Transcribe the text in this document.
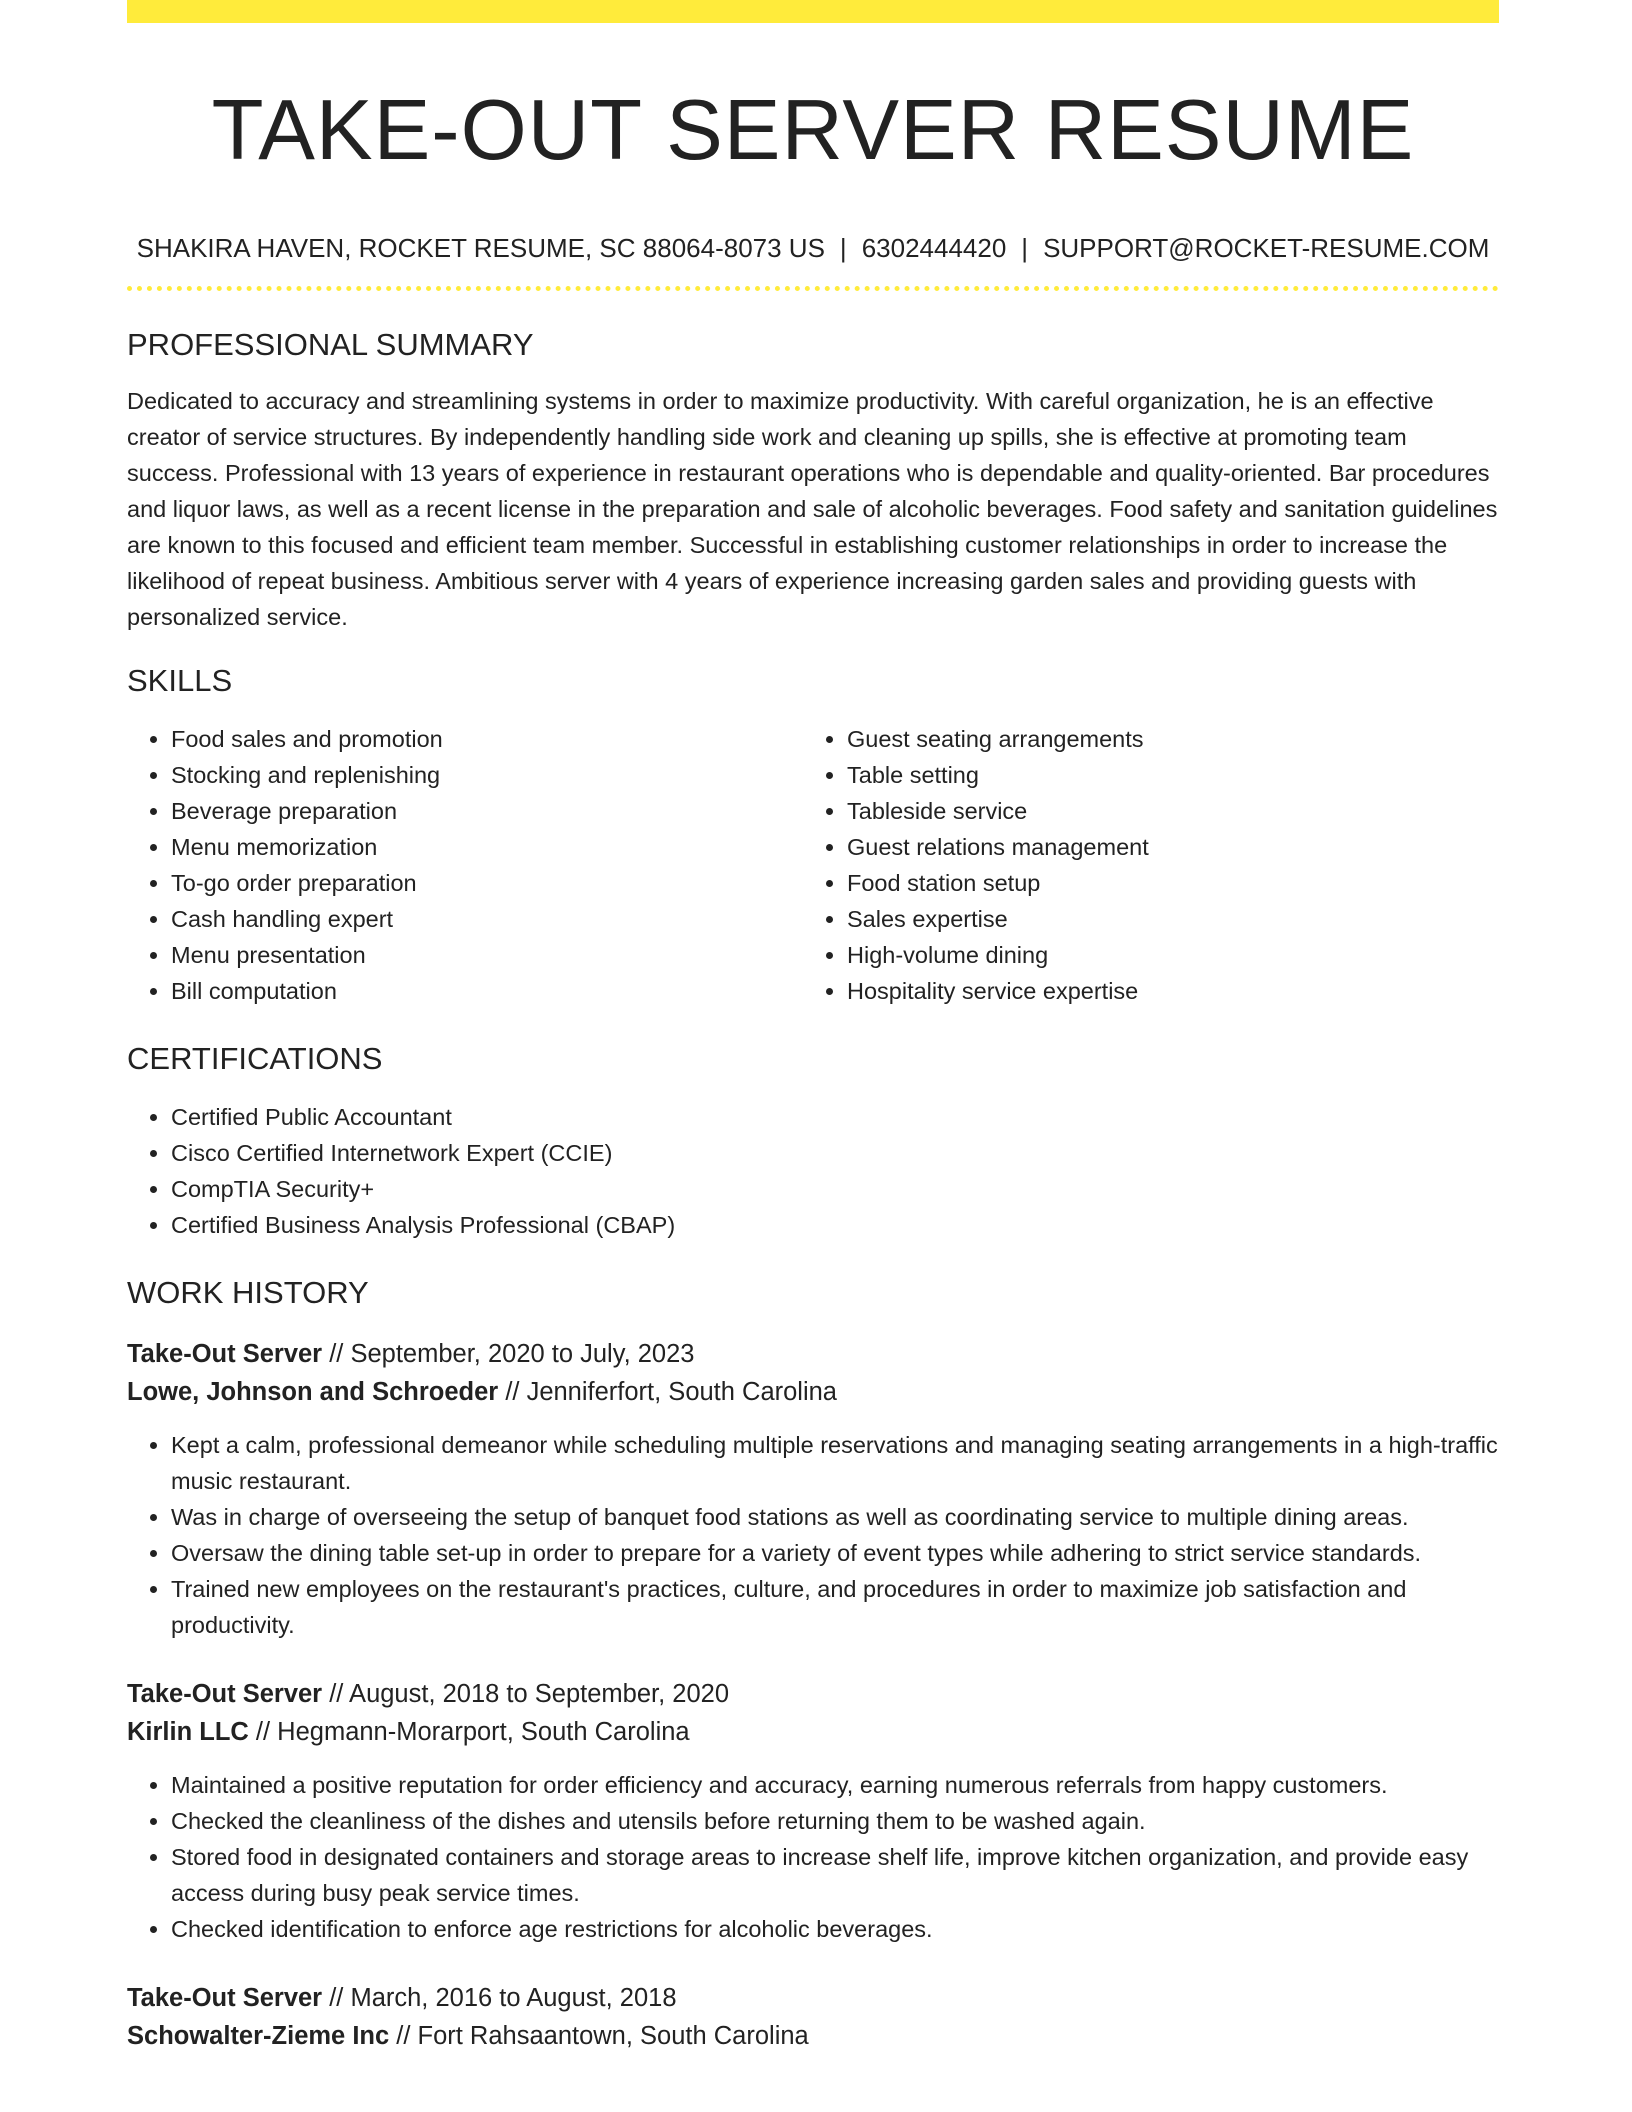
TAKE-OUT SERVER RESUME
SHAKIRA HAVEN, ROCKET RESUME, SC 88064-8073 US | 6302444420 | SUPPORT@ROCKET-RESUME.COM
PROFESSIONAL SUMMARY

Dedicated to accuracy and streamlining systems in order to maximize productivity. With careful organization, he is an effective creator of service structures. By independently handling side work and cleaning up spills, she is effective at promoting team success. Professional with 13 years of experience in restaurant operations who is dependable and quality-oriented. Bar procedures and liquor laws, as well as a recent license in the preparation and sale of alcoholic beverages. Food safety and sanitation guidelines are known to this focused and efficient team member. Successful in establishing customer relationships in order to increase the likelihood of repeat business. Ambitious server with 4 years of experience increasing garden sales and providing guests with personalized service.

SKILLS
• Food sales and promotion
• Stocking and replenishing
• Beverage preparation
• Menu memorization
• To-go order preparation
• Cash handling expert
• Menu presentation
• Bill computation
• Guest seating arrangements
• Table setting
• Tableside service
• Guest relations management
• Food station setup
• Sales expertise
• High-volume dining
• Hospitality service expertise
CERTIFICATIONS
• Certified Public Accountant
• Cisco Certified Internetwork Expert (CCIE)
• CompTIA Security+
• Certified Business Analysis Professional (CBAP)
WORK HISTORY
Take-Out Server // September, 2020 to July, 2023
Lowe, Johnson and Schroeder // Jenniferfort, South Carolina
• Kept a calm, professional demeanor while scheduling multiple reservations and managing seating arrangements in a high-traffic music restaurant.
• Was in charge of overseeing the setup of banquet food stations as well as coordinating service to multiple dining areas.
• Oversaw the dining table set-up in order to prepare for a variety of event types while adhering to strict service standards.
• Trained new employees on the restaurant's practices, culture, and procedures in order to maximize job satisfaction and productivity.
Take-Out Server // August, 2018 to September, 2020
Kirlin LLC // Hegmann-Morarport, South Carolina
• Maintained a positive reputation for order efficiency and accuracy, earning numerous referrals from happy customers.
• Checked the cleanliness of the dishes and utensils before returning them to be washed again.
• Stored food in designated containers and storage areas to increase shelf life, improve kitchen organization, and provide easy access during busy peak service times.
• Checked identification to enforce age restrictions for alcoholic beverages.
Take-Out Server // March, 2016 to August, 2018
Schowalter-Zieme Inc // Fort Rahsaantown, South Carolina
